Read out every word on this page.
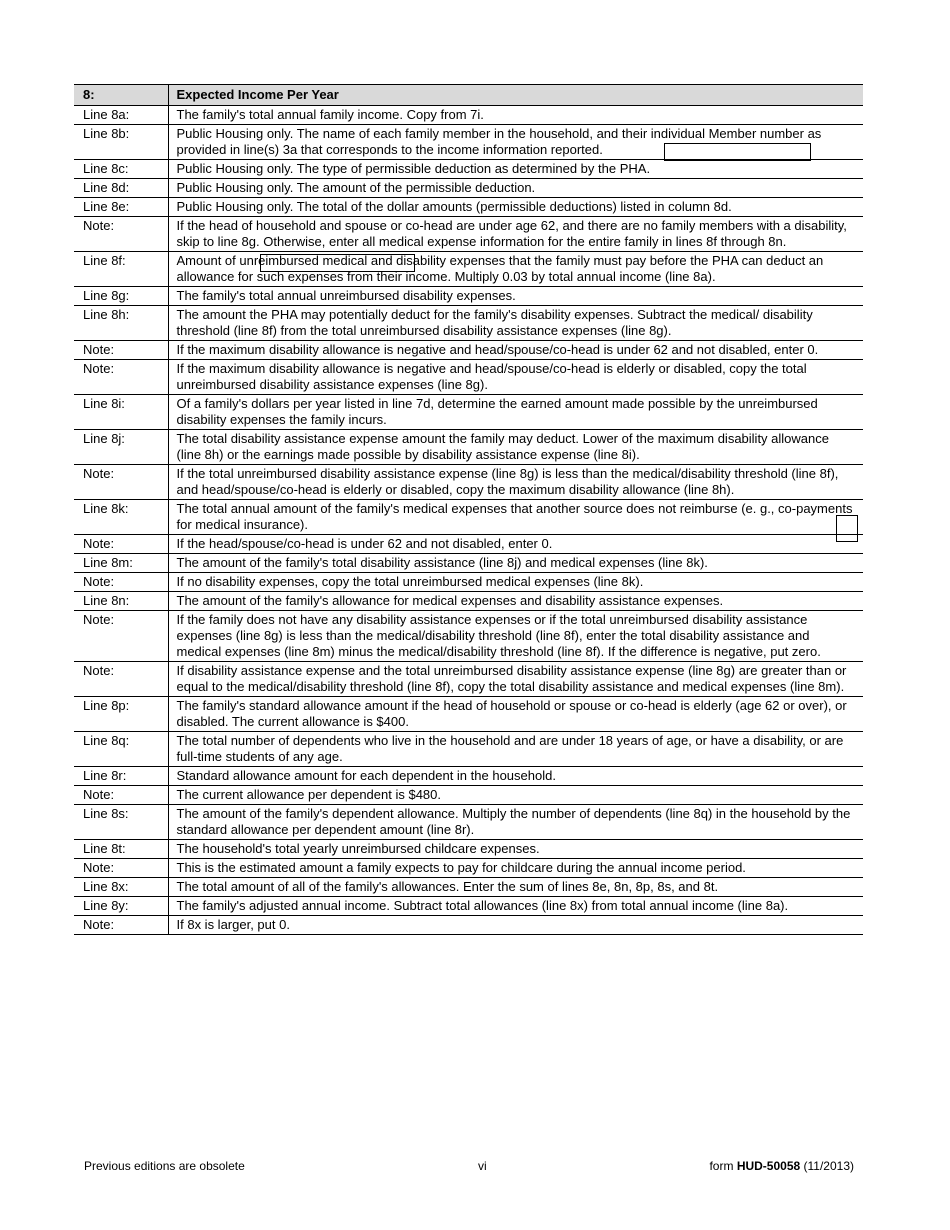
8:	Expected Income Per Year
Line 8a:	The family's total annual family income. Copy from 7i.
Line 8b:	Public Housing only. The name of each family member in the household, and their individual Member number as provided in line(s) 3a that corresponds to the income information reported.
Line 8c:	Public Housing only. The type of permissible deduction as determined by the PHA.
Line 8d:	Public Housing only. The amount of the permissible deduction.
Line 8e:	Public Housing only. The total of the dollar amounts (permissible deductions) listed in column 8d.
Note:	If the head of household and spouse or co-head are under age 62, and there are no family members with a disability, skip to line 8g. Otherwise, enter all medical expense information for the entire family in lines 8f through 8n.
Line 8f:	Amount of unreimbursed medical and disability expenses that the family must pay before the PHA can deduct an allowance for such expenses from their income. Multiply 0.03 by total annual income (line 8a).
Line 8g:	The family's total annual unreimbursed disability expenses.
Line 8h:	The amount the PHA may potentially deduct for the family's disability expenses. Subtract the medical/ disability threshold (line 8f) from the total unreimbursed disability assistance expenses (line 8g).
Note:	If the maximum disability allowance is negative and head/spouse/co-head is under 62 and not disabled, enter 0.
Note:	If the maximum disability allowance is negative and head/spouse/co-head is elderly or disabled, copy the total unreimbursed disability assistance expenses (line 8g).
Line 8i:	Of a family's dollars per year listed in line 7d, determine the earned amount made possible by the unreimbursed disability expenses the family incurs.
Line 8j:	The total disability assistance expense amount the family may deduct. Lower of the maximum disability allowance (line 8h) or the earnings made possible by disability assistance expense (line 8i).
Note:	If the total unreimbursed disability assistance expense (line 8g) is less than the medical/disability threshold (line 8f), and head/spouse/co-head is elderly or disabled, copy the maximum disability allowance (line 8h).
Line 8k:	The total annual amount of the family's medical expenses that another source does not reimburse (e. g., co-payments for medical insurance).
Note:	If the head/spouse/co-head is under 62 and not disabled, enter 0.
Line 8m:	The amount of the family's total disability assistance (line 8j) and medical expenses (line 8k).
Note:	If no disability expenses, copy the total unreimbursed medical expenses (line 8k).
Line 8n:	The amount of the family's allowance for medical expenses and disability assistance expenses.
Note:	If the family does not have any disability assistance expenses or if the total unreimbursed disability assistance expenses (line 8g) is less than the medical/disability threshold (line 8f), enter the total disability assistance and medical expenses (line 8m) minus the medical/disability threshold (line 8f). If the difference is negative, put zero.
Note:	If disability assistance expense and the total unreimbursed disability assistance expense (line 8g) are greater than or equal to the medical/disability threshold (line 8f), copy the total disability assistance and medical expenses (line 8m).
Line 8p:	The family's standard allowance amount if the head of household or spouse or co-head is elderly (age 62 or over), or disabled. The current allowance is $400.
Line 8q:	The total number of dependents who live in the household and are under 18 years of age, or have a disability, or are full-time students of any age.
Line 8r:	Standard allowance amount for each dependent in the household.
Note:	The current allowance per dependent is $480.
Line 8s:	The amount of the family's dependent allowance. Multiply the number of dependents (line 8q) in the household by the standard allowance per dependent amount (line 8r).
Line 8t:	The household's total yearly unreimbursed childcare expenses.
Note:	This is the estimated amount a family expects to pay for childcare during the annual income period.
Line 8x:	The total amount of all of the family's allowances. Enter the sum of lines 8e, 8n, 8p, 8s, and 8t.
Line 8y:	The family's adjusted annual income. Subtract total allowances (line 8x) from total annual income (line 8a).
Note:	If 8x is larger, put 0.
Previous editions are obsolete	vi	form HUD-50058 (11/2013)
